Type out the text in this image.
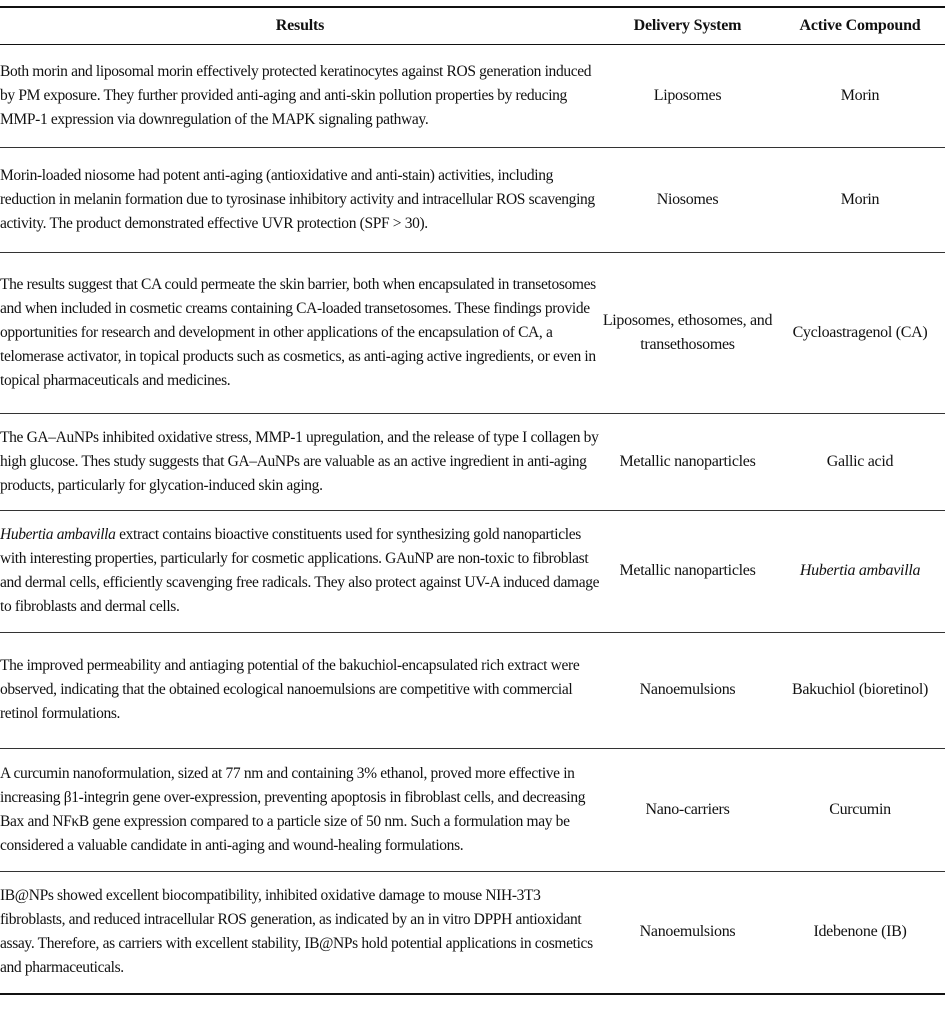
Results	Delivery System	Active Compound
Both morin and liposomal morin effectively protected keratinocytes against ROS generation induced by PM exposure. They further provided anti-aging and anti-skin pollution properties by reducing MMP-1 expression via downregulation of the MAPK signaling pathway.	Liposomes	Morin
Morin-loaded niosome had potent anti-aging (antioxidative and anti-stain) activities, including reduction in melanin formation due to tyrosinase inhibitory activity and intracellular ROS scavenging activity. The product demonstrated effective UVR protection (SPF > 30).	Niosomes	Morin
The results suggest that CA could permeate the skin barrier, both when encapsulated in transetosomes and when included in cosmetic creams containing CA-loaded transetosomes. These findings provide opportunities for research and development in other applications of the encapsulation of CA, a telomerase activator, in topical products such as cosmetics, as anti-aging active ingredients, or even in topical pharmaceuticals and medicines.	Liposomes, ethosomes, and transethosomes	Cycloastragenol (CA)
The GA–AuNPs inhibited oxidative stress, MMP-1 upregulation, and the release of type I collagen by high glucose. Thes study suggests that GA–AuNPs are valuable as an active ingredient in anti-aging products, particularly for glycation-induced skin aging.	Metallic nanoparticles	Gallic acid
Hubertia ambavilla extract contains bioactive constituents used for synthesizing gold nanoparticles with interesting properties, particularly for cosmetic applications. GAuNP are non-toxic to fibroblast and dermal cells, efficiently scavenging free radicals. They also protect against UV-A induced damage to fibroblasts and dermal cells.	Metallic nanoparticles	Hubertia ambavilla
The improved permeability and antiaging potential of the bakuchiol-encapsulated rich extract were observed, indicating that the obtained ecological nanoemulsions are competitive with commercial retinol formulations.	Nanoemulsions	Bakuchiol (bioretinol)
A curcumin nanoformulation, sized at 77 nm and containing 3% ethanol, proved more effective in increasing β1-integrin gene over-expression, preventing apoptosis in fibroblast cells, and decreasing Bax and NFκB gene expression compared to a particle size of 50 nm. Such a formulation may be considered a valuable candidate in anti-aging and wound-healing formulations.	Nano-carriers	Curcumin
IB@NPs showed excellent biocompatibility, inhibited oxidative damage to mouse NIH-3T3 fibroblasts, and reduced intracellular ROS generation, as indicated by an in vitro DPPH antioxidant assay. Therefore, as carriers with excellent stability, IB@NPs hold potential applications in cosmetics and pharmaceuticals.	Nanoemulsions	Idebenone (IB)
